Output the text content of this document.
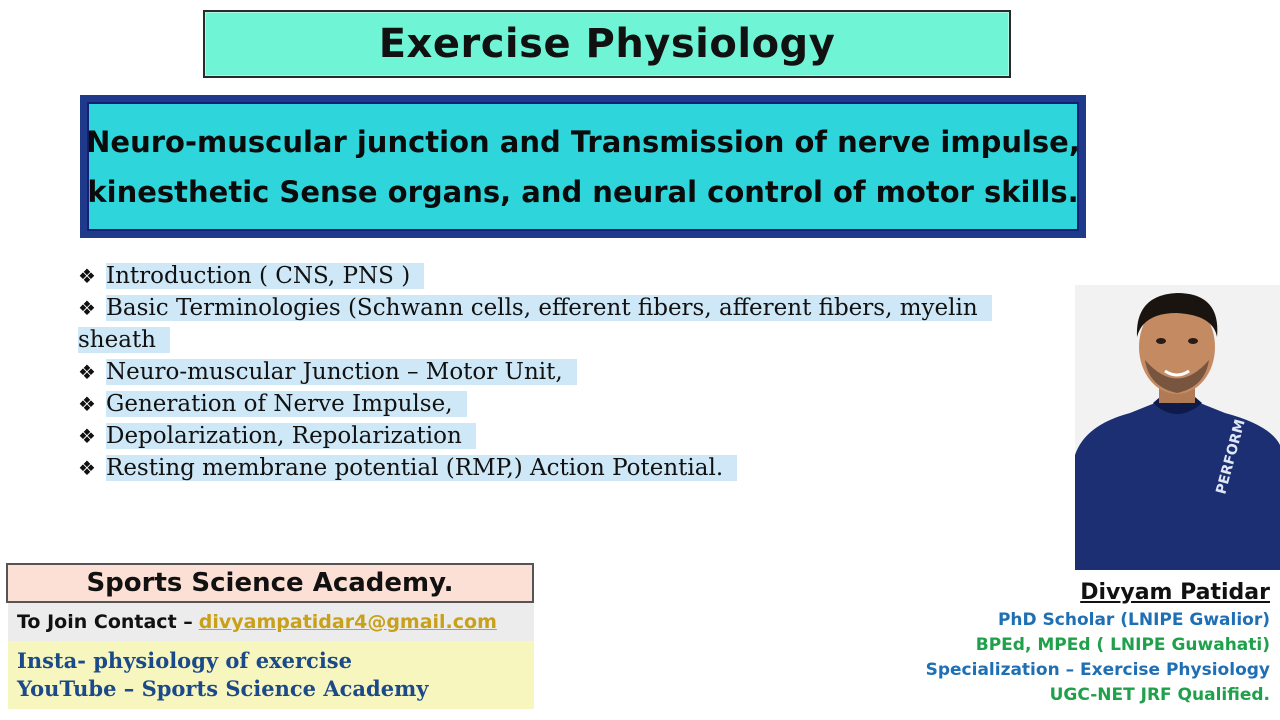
Exercise Physiology
Neuro-muscular junction and Transmission of nerve impulse,
kinesthetic Sense organs, and neural control of motor skills.
❖ Introduction ( CNS, PNS )
❖ Basic Terminologies (Schwann cells, efferent fibers, afferent fibers, myelin
sheath
❖ Neuro-muscular Junction – Motor Unit,
❖ Generation of Nerve Impulse,
❖ Depolarization, Repolarization
❖ Resting membrane potential (RMP,) Action Potential.
Sports Science Academy.
To Join Contact – divyampatidar4@gmail.com
Insta- physiology of exercise
YouTube – Sports Science Academy
PERFORM
Divyam Patidar
PhD Scholar (LNIPE Gwalior)
BPEd, MPEd ( LNIPE Guwahati)
Specialization – Exercise Physiology
UGC-NET JRF Qualified.
